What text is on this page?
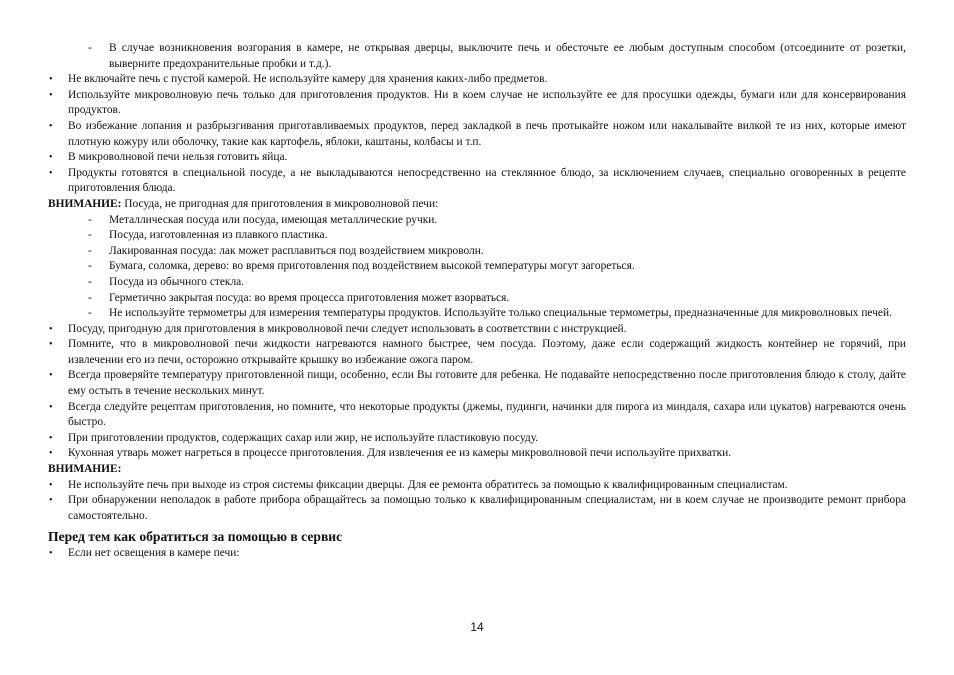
- В случае возникновения возгорания в камере, не открывая дверцы, выключите печь и обесточьте ее любым доступным способом (отсоедините от розетки, выверните предохранительные пробки и т.д.).
• Не включайте печь с пустой камерой. Не используйте камеру для хранения каких-либо предметов.
• Используйте микроволновую печь только для приготовления продуктов. Ни в коем случае не используйте ее для просушки одежды, бумаги или для консервирования продуктов.
• Во избежание лопания и разбрызгивания приготавливаемых продуктов, перед закладкой в печь протыкайте ножом или накалывайте вилкой те из них, которые имеют плотную кожуру или оболочку, такие как картофель, яблоки, каштаны, колбасы и т.п.
• В микроволновой печи нельзя готовить яйца.
• Продукты готовятся в специальной посуде, а не выкладываются непосредственно на стеклянное блюдо, за исключением случаев, специально оговоренных в рецепте приготовления блюда.
ВНИМАНИЕ: Посуда, не пригодная для приготовления в микроволновой печи:
- Металлическая посуда или посуда, имеющая металлические ручки.
- Посуда, изготовленная из плавкого пластика.
- Лакированная посуда: лак может расплавиться под воздействием микроволн.
- Бумага, соломка, дерево: во время приготовления под воздействием высокой температуры могут загореться.
- Посуда из обычного стекла.
- Герметично закрытая посуда: во время процесса приготовления может взорваться.
- Не используйте термометры для измерения температуры продуктов. Используйте только специальные термометры, предназначенные для микроволновых печей.
• Посуду, пригодную для приготовления в микроволновой печи следует использовать в соответствии с инструкцией.
• Помните, что в микроволновой печи жидкости нагреваются намного быстрее, чем посуда. Поэтому, даже если содержащий жидкость контейнер не горячий, при извлечении его из печи, осторожно открывайте крышку во избежание ожога паром.
• Всегда проверяйте температуру приготовленной пищи, особенно, если Вы готовите для ребенка. Не подавайте непосредственно после приготовления блюдо к столу, дайте ему остыть в течение нескольких минут.
• Всегда следуйте рецептам приготовления, но помните, что некоторые продукты (джемы, пудинги, начинки для пирога из миндаля, сахара или цукатов) нагреваются очень быстро.
• При приготовлении продуктов, содержащих сахар или жир, не используйте пластиковую посуду.
• Кухонная утварь может нагреться в процессе приготовления. Для извлечения ее из камеры микроволновой печи используйте прихватки.
ВНИМАНИЕ:
• Не используйте печь при выходе из строя системы фиксации дверцы. Для ее ремонта обратитесь за помощью к квалифицированным специалистам.
• При обнаружении неполадок в работе прибора обращайтесь за помощью только к квалифицированным специалистам, ни в коем случае не производите ремонт прибора самостоятельно.
Перед тем как обратиться за помощью в сервис
• Если нет освещения в камере печи:
14
